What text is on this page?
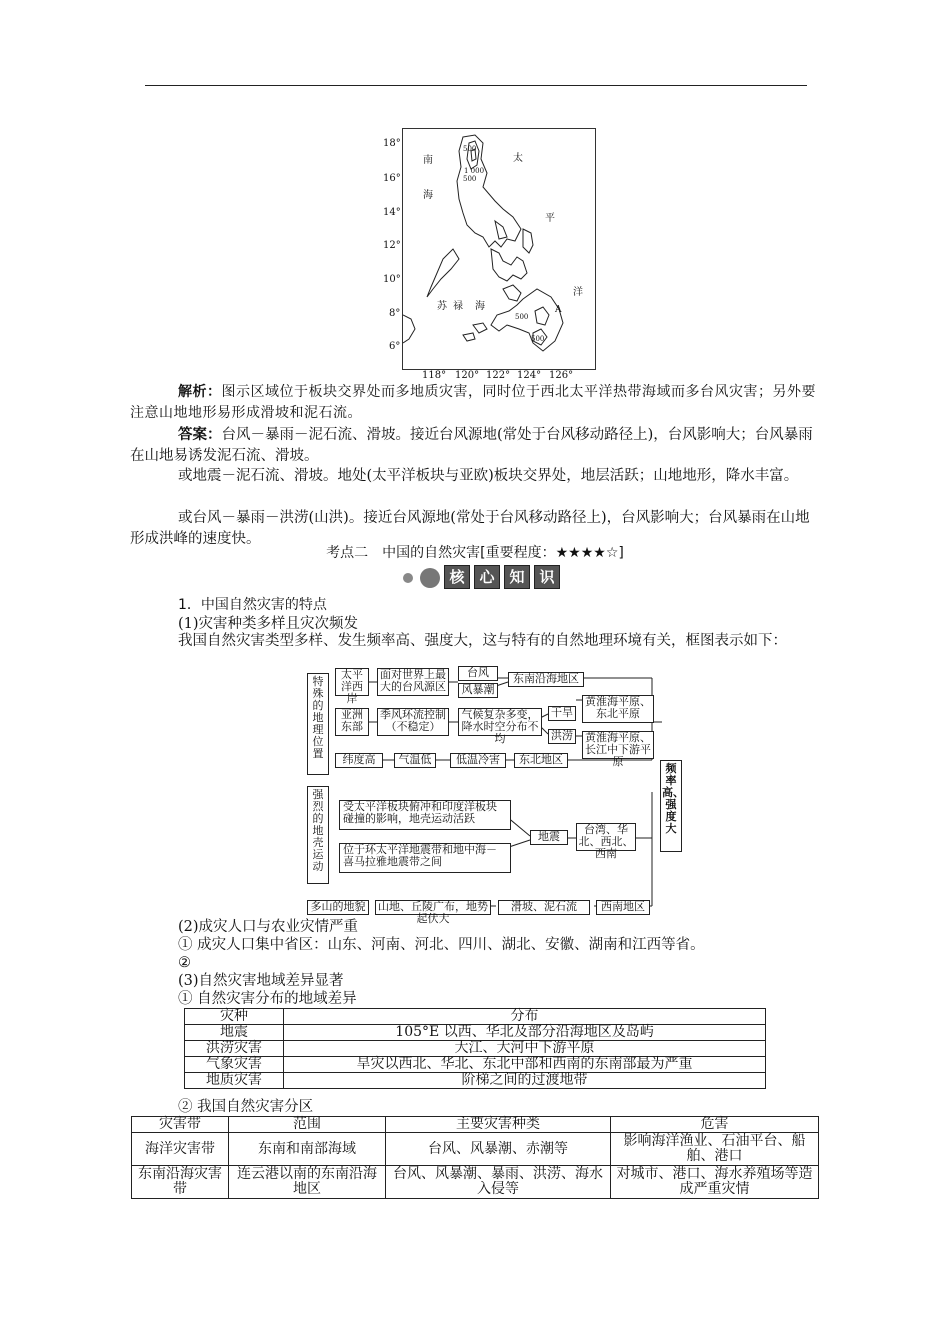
南
海
太
平
洋
苏 禄 海
500
1 000
500
500
500
A
18°
16°
14°
12°
10°
8°
6°
118° 120° 122° 124° 126°
解析：图示区域位于板块交界处而多地质灾害，同时位于西北太平洋热带海域而多台风灾害；另外要注意山地地形易形成滑坡和泥石流。
答案：台风－暴雨－泥石流、滑坡。接近台风源地(常处于台风移动路径上)，台风影响大；台风暴雨在山地易诱发泥石流、滑坡。
或地震－泥石流、滑坡。地处(太平洋板块与亚欧)板块交界处，地层活跃；山地地形，降水丰富。
或台风－暴雨－洪涝(山洪)。接近台风源地(常处于台风移动路径上)，台风影响大；台风暴雨在山地形成洪峰的速度快。
考点二　中国的自然灾害[重要程度：★★★★☆]
核 心 知 识
1．中国自然灾害的特点
(1)灾害种类多样且灾次频发
我国自然灾害类型多样、发生频率高、强度大，这与特有的自然地理环境有关，框图表示如下：
特殊的地理位置
强烈的地壳运动
频率高、强度大
太平洋西岸
面对世界上最大的台风源区
台风
风暴潮
东南沿海地区
亚洲东部
季风环流控制（不稳定）
气候复杂多变，降水时空分布不均
干旱
洪涝
黄淮海平原、东北平原
黄淮海平原、长江中下游平原
纬度高	气温低	低温冷害	东北地区
受太平洋板块俯冲和印度洋板块碰撞的影响，地壳运动活跃
位于环太平洋地震带和地中海－喜马拉雅地震带之间
地震
台湾、华北、西北、西南
多山的地貌	山地、丘陵广布，地势起伏大
滑坡、泥石流	西南地区
(2)成灾人口与农业灾情严重
① 成灾人口集中省区：山东、河南、河北、四川、湖北、安徽、湖南和江西等省。
②
(3)自然灾害地域差异显著
① 自然灾害分布的地域差异
灾种	分布
地震	105°E 以西、华北及部分沿海地区及岛屿
洪涝灾害	大江、大河中下游平原
气象灾害	旱灾以西北、华北、东北中部和西南的东南部最为严重
地质灾害	阶梯之间的过渡地带
② 我国自然灾害分区
灾害带	范围	主要灾害种类	危害
海洋灾害带	东南和南部海域	台风、风暴潮、赤潮等	影响海洋渔业、石油平台、船舶、港口
东南沿海灾害带	连云港以南的东南沿海地区	台风、风暴潮、暴雨、洪涝、海水入侵等	对城市、港口、海水养殖场等造成严重灾情
